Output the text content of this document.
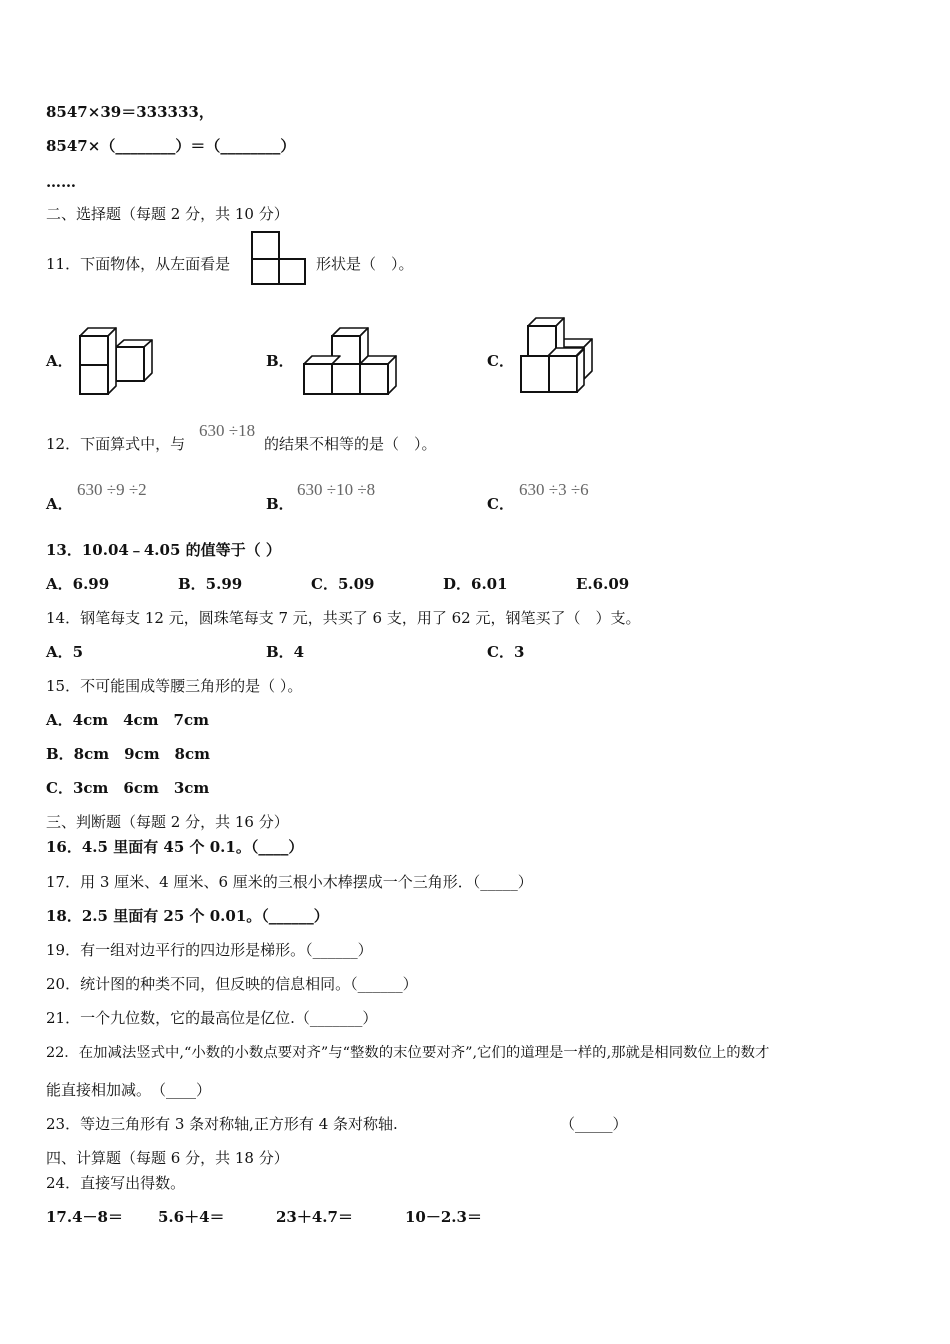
8547×39＝333333，
8547×（________）＝（________）
……
二、选择题（每题 2 分，共 10 分）
11．下面物体，从左面看是	形状是（　）。
A．	B．	C．
12．下面算式中，与
630 ÷18
的结果不相等的是（　）。
A．
630 ÷9 ÷2
B．
630 ÷10 ÷8
C．
630 ÷3 ÷6
13．10.04﹣4.05 的值等于（ ）
A．6.99	B．5.99	C．5.09	D．6.01	E.6.09
14．钢笔每支 12 元，圆珠笔每支 7 元，共买了 6 支，用了 62 元，钢笔买了（　）支。
A．5	B．4	C．3
15．不可能围成等腰三角形的是（ ）。
A．4cm　4cm　7cm
B．8cm　9cm　8cm
C．3cm　6cm　3cm
三、判断题（每题 2 分，共 16 分）
16．4.5 里面有 45 个 0.1。（____）
17．用 3 厘米、4 厘米、6 厘米的三根小木棒摆成一个三角形．（_____）
18．2.5 里面有 25 个 0.01。（______）
19．有一组对边平行的四边形是梯形。（______）
20．统计图的种类不同，但反映的信息相同。（______）
21．一个九位数，它的最高位是亿位.（_______）
22．在加减法竖式中,“小数的小数点要对齐”与“整数的末位要对齐”,它们的道理是一样的,那就是相同数位上的数才
能直接相加减。　（____）
23．等边三角形有 3 条对称轴,正方形有 4 条对称轴.	（_____）
四、计算题（每题 6 分，共 18 分）
24．直接写出得数。
17.4－8＝ 5.6＋4＝	23＋4.7＝	10－2.3＝
